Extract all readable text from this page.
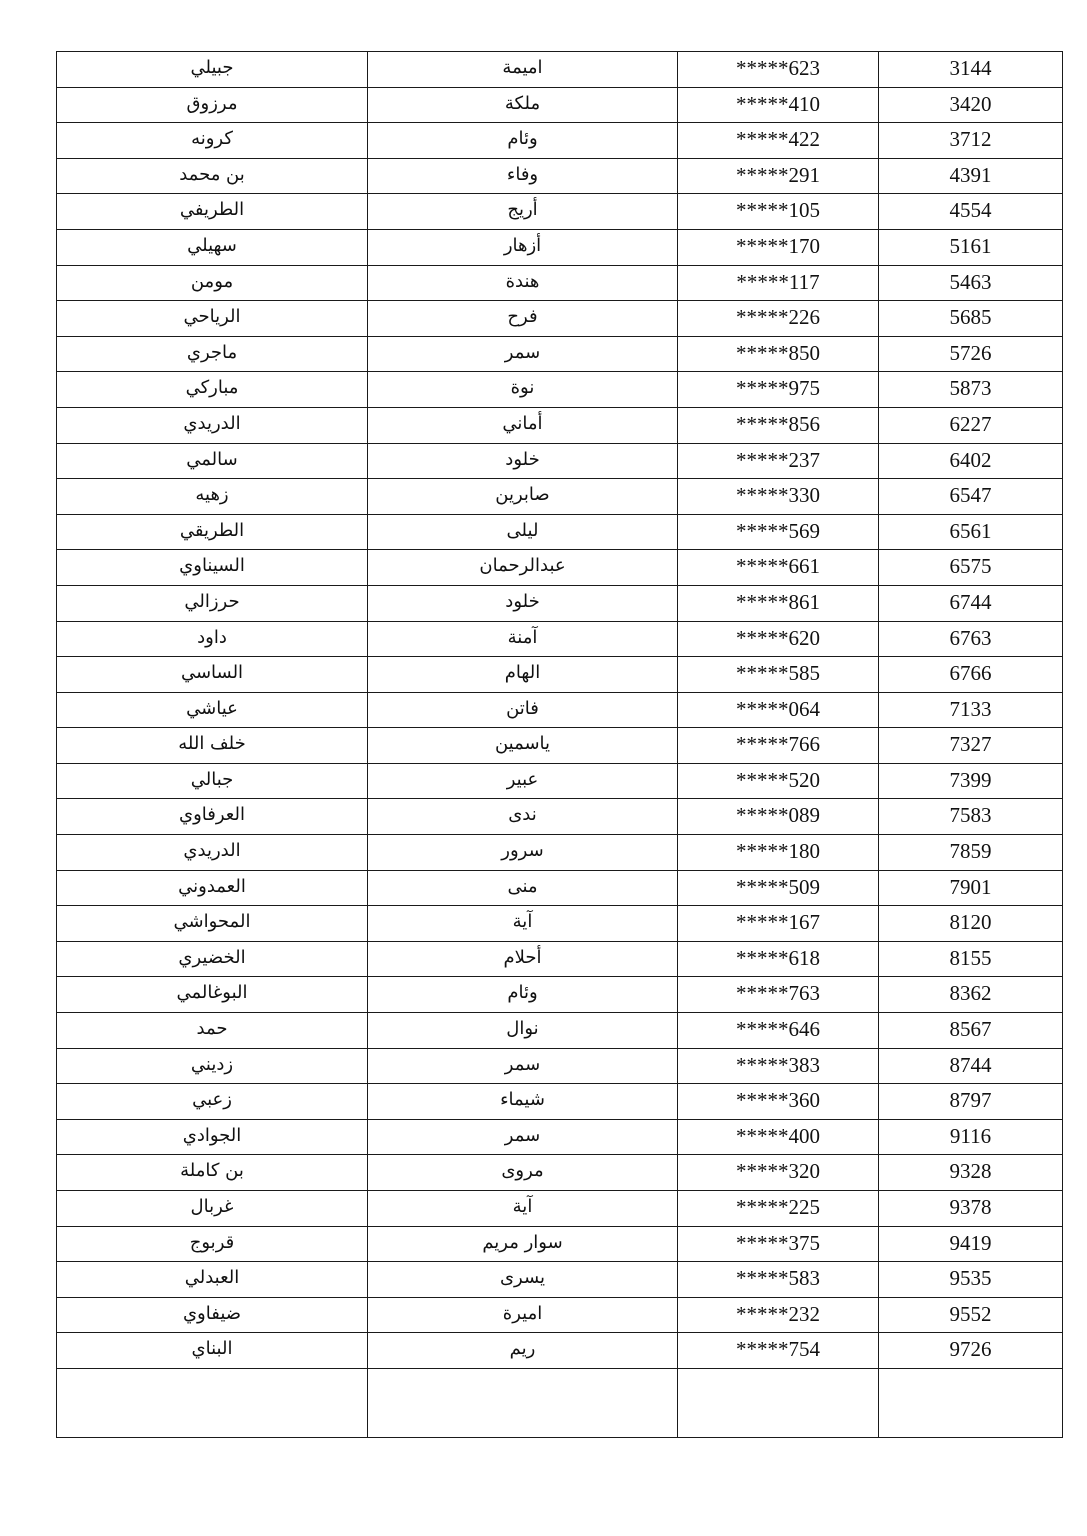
جبيلي	اميمة	*****623	3144
مرزوق	ملكة	*****410	3420
كرونه	وئام	*****422	3712
بن محمد	وفاء	*****291	4391
الطريفي	أريج	*****105	4554
سهيلي	أزهار	*****170	5161
مومن	هندة	*****117	5463
الرياحي	فرح	*****226	5685
ماجري	سمر	*****850	5726
مباركي	نوة	*****975	5873
الدريدي	أماني	*****856	6227
سالمي	خلود	*****237	6402
زهيه	صابرين	*****330	6547
الطريقي	ليلى	*****569	6561
السيناوي	عبدالرحمان	*****661	6575
حرزالي	خلود	*****861	6744
داود	آمنة	*****620	6763
الساسي	الهام	*****585	6766
عياشي	فاتن	*****064	7133
خلف الله	ياسمين	*****766	7327
جبالي	عبير	*****520	7399
العرفاوي	ندى	*****089	7583
الدريدي	سرور	*****180	7859
العمدوني	منى	*****509	7901
المحواشي	آية	*****167	8120
الخضيري	أحلام	*****618	8155
البوغالمي	وئام	*****763	8362
حمد	نوال	*****646	8567
زديني	سمر	*****383	8744
زعبي	شيماء	*****360	8797
الجوادي	سمر	*****400	9116
بن كاملة	مروى	*****320	9328
غربال	آية	*****225	9378
قربوج	سوار مريم	*****375	9419
العبدلي	يسرى	*****583	9535
ضيفاوي	اميرة	*****232	9552
البناي	ريم	*****754	9726
